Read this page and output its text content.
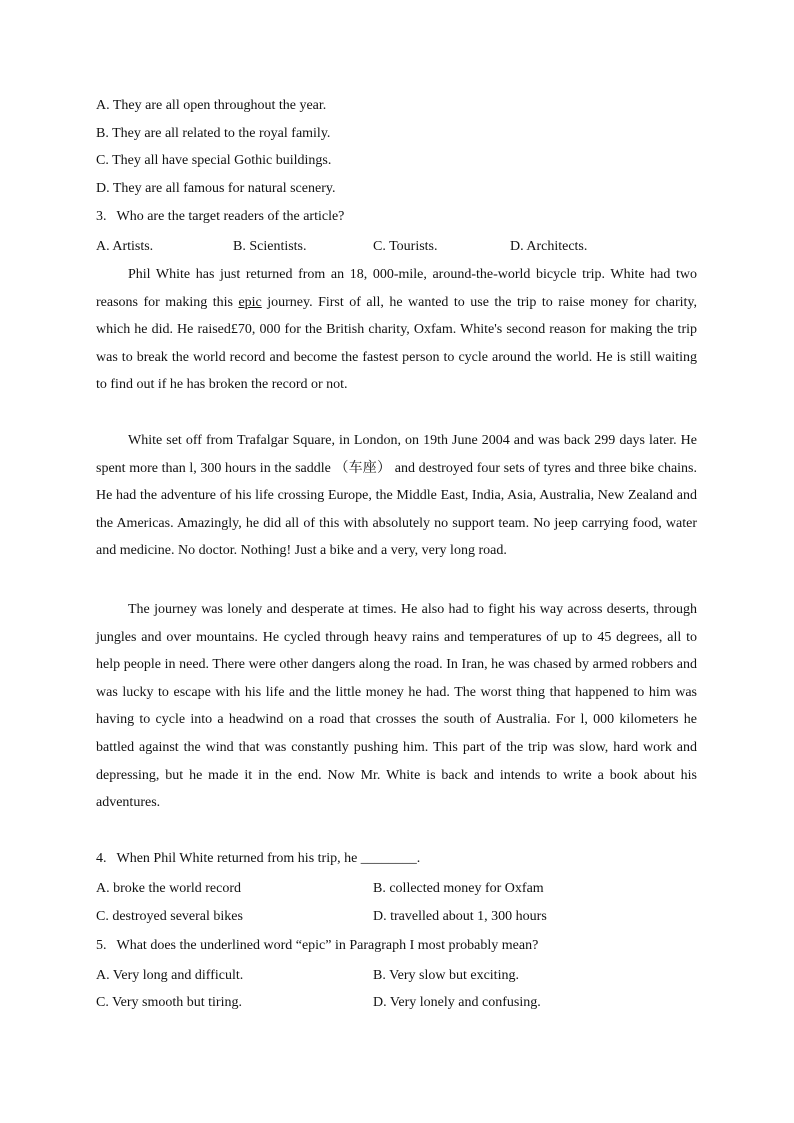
A. They are all open throughout the year.
B. They are all related to the royal family.
C. They all have special Gothic buildings.
D. They are all famous for natural scenery.
3. Who are the target readers of the article?
A. Artists.	B. Scientists.	C. Tourists.	D. Architects.
Phil White has just returned from an 18, 000-mile, around-the-world bicycle trip. White had two reasons for making this epic journey. First of all, he wanted to use the trip to raise money for charity, which he did. He raised£70, 000 for the British charity, Oxfam. White's second reason for making the trip was to break the world record and become the fastest person to cycle around the world. He is still waiting to find out if he has broken the record or not.
White set off from Trafalgar Square, in London, on 19th June 2004 and was back 299 days later. He spent more than l, 300 hours in the saddle （车座） and destroyed four sets of tyres and three bike chains. He had the adventure of his life crossing Europe, the Middle East, India, Asia, Australia, New Zealand and the Americas. Amazingly, he did all of this with absolutely no support team. No jeep carrying food, water and medicine. No doctor. Nothing! Just a bike and a very, very long road.
The journey was lonely and desperate at times. He also had to fight his way across deserts, through jungles and over mountains. He cycled through heavy rains and temperatures of up to 45 degrees, all to help people in need. There were other dangers along the road. In Iran, he was chased by armed robbers and was lucky to escape with his life and the little money he had. The worst thing that happened to him was having to cycle into a headwind on a road that crosses the south of Australia. For l, 000 kilometers he battled against the wind that was constantly pushing him. This part of the trip was slow, hard work and depressing, but he made it in the end. Now Mr. White is back and intends to write a book about his adventures.
4. When Phil White returned from his trip, he ________.
A. broke the world record	B. collected money for Oxfam
C. destroyed several bikes	D. travelled about 1, 300 hours
5. What does the underlined word “epic” in Paragraph I most probably mean?
A. Very long and difficult.	B. Very slow but exciting.
C. Very smooth but tiring.	D. Very lonely and confusing.
